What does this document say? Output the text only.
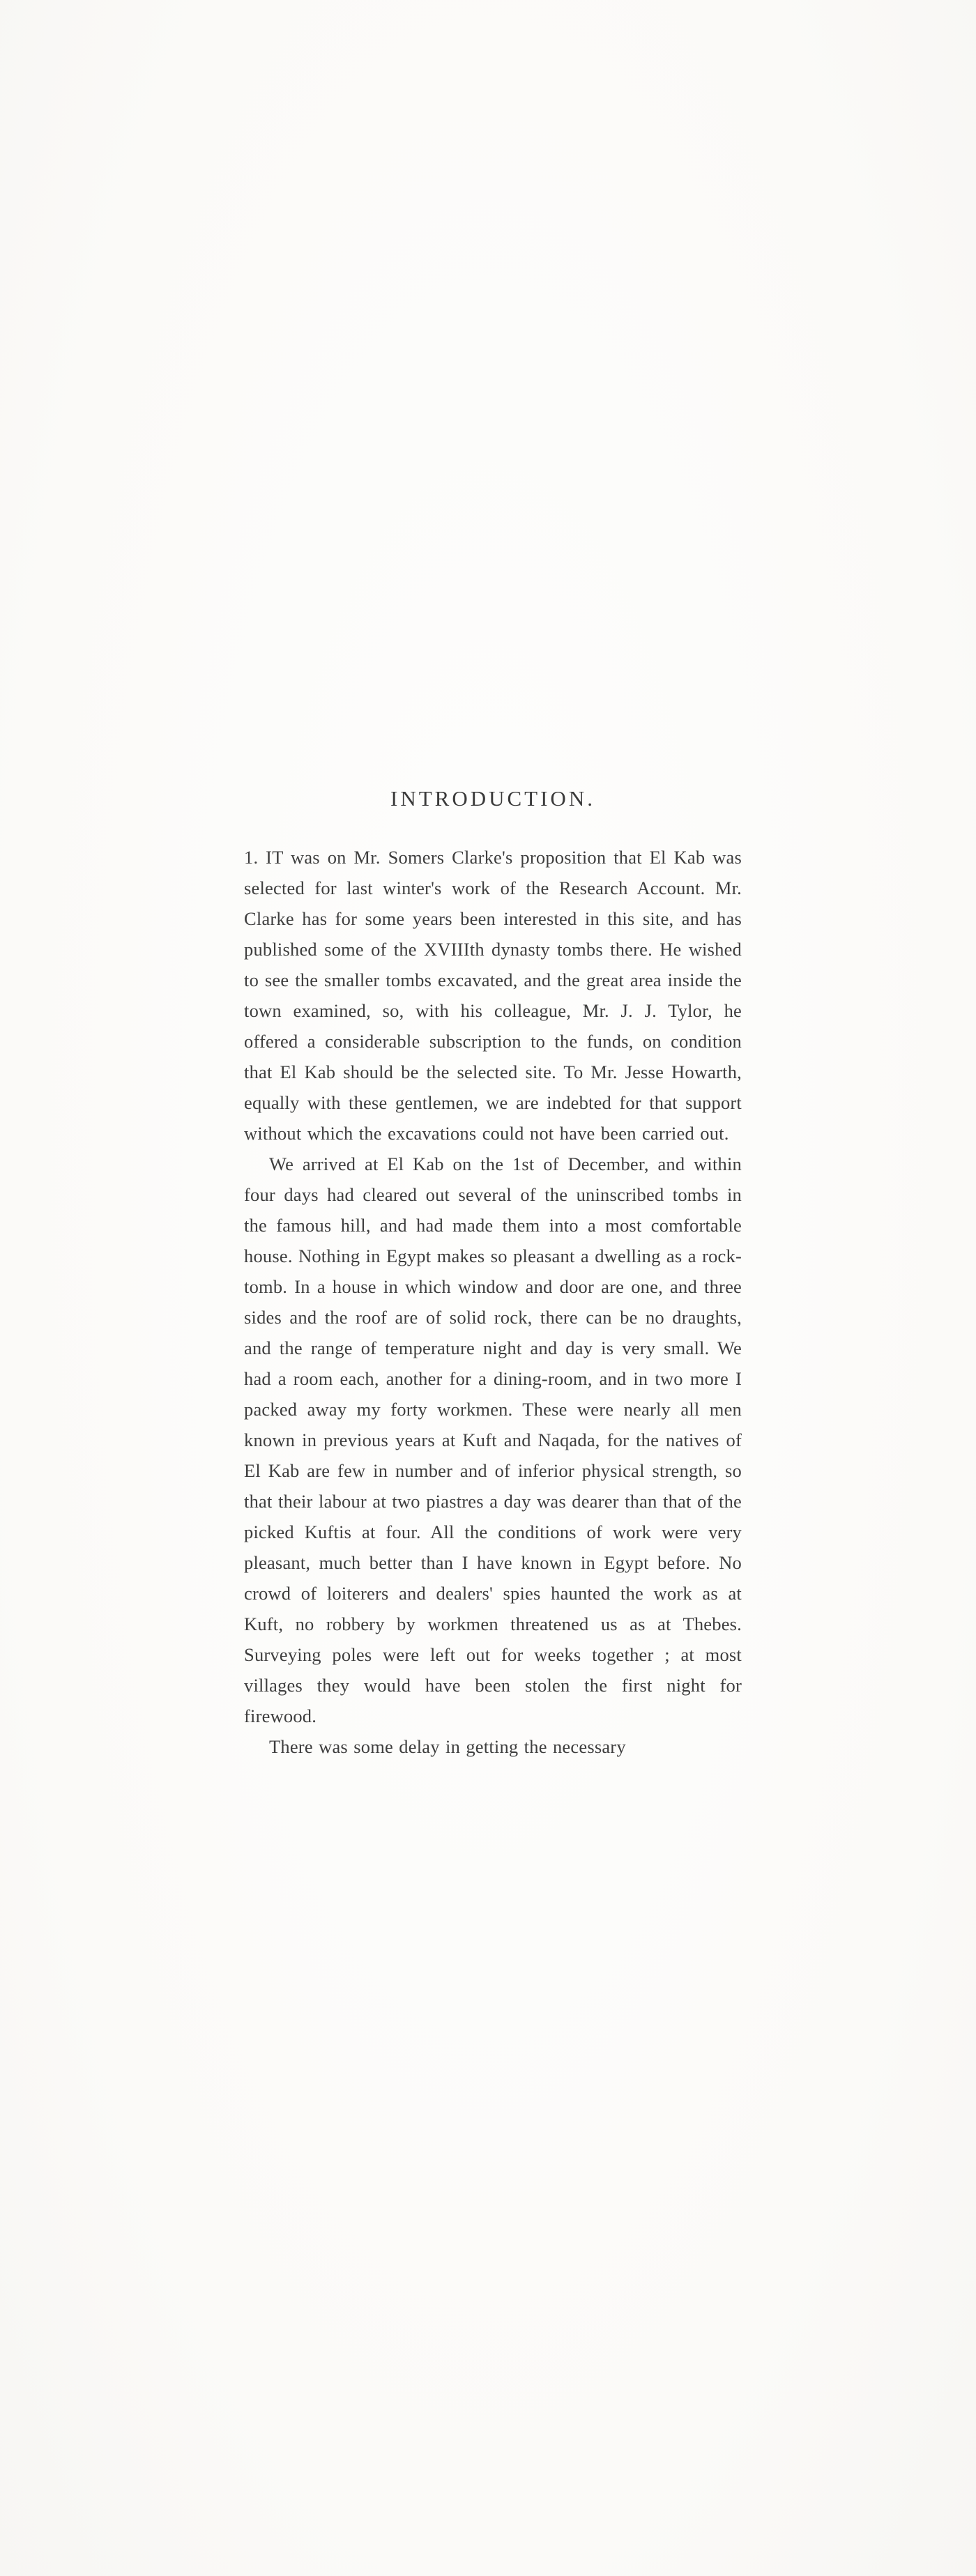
INTRODUCTION.

1. IT was on Mr. Somers Clarke's proposition that El Kab was selected for last winter's work of the Research Account. Mr. Clarke has for some years been interested in this site, and has published some of the XVIIIth dynasty tombs there. He wished to see the smaller tombs excavated, and the great area inside the town examined, so, with his colleague, Mr. J. J. Tylor, he offered a considerable subscription to the funds, on condition that El Kab should be the selected site. To Mr. Jesse Howarth, equally with these gentlemen, we are indebted for that support without which the excavations could not have been carried out.

We arrived at El Kab on the 1st of December, and within four days had cleared out several of the uninscribed tombs in the famous hill, and had made them into a most comfortable house. Nothing in Egypt makes so pleasant a dwelling as a rock-tomb. In a house in which window and door are one, and three sides and the roof are of solid rock, there can be no draughts, and the range of temperature night and day is very small. We had a room each, another for a dining-room, and in two more I packed away my forty workmen. These were nearly all men known in previous years at Kuft and Naqada, for the natives of El Kab are few in number and of inferior physical strength, so that their labour at two piastres a day was dearer than that of the picked Kuftis at four. All the conditions of work were very pleasant, much better than I have known in Egypt before. No crowd of loiterers and dealers' spies haunted the work as at Kuft, no robbery by workmen threatened us as at Thebes. Surveying poles were left out for weeks together ; at most villages they would have been stolen the first night for firewood.

There was some delay in getting the necessary
